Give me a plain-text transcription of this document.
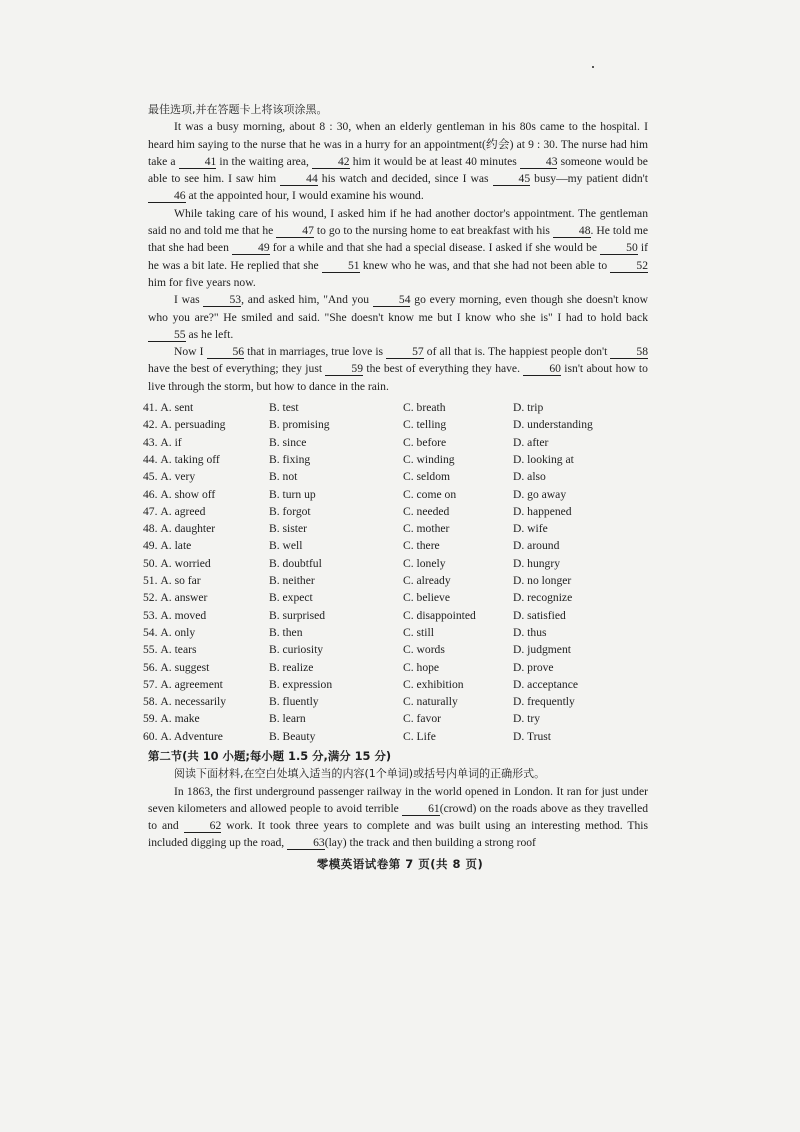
最佳选项,并在答题卡上将该项涂黑。

It was a busy morning, about 8 : 30, when an elderly gentleman in his 80s came to the hospital. I heard him saying to the nurse that he was in a hurry for an appointment(约会) at 9 : 30. The nurse had him take a	41 in the waiting area,	42 him it would be at least 40 minutes	43 someone would be able to see him. I saw him	44 his watch and decided, since I was	45 busy—my patient didn't 46 at the appointed hour, I would examine his wound.

While taking care of his wound, I asked him if he had another doctor's appointment. The gentleman said no and told me that he 47 to go to the nursing home to eat breakfast with his 48. He told me that she had been	49 for a while and that she had a special disease. I asked if she would be	50 if he was a bit late. He replied that she	51 knew who he was, and that she had not been able to	52 him for five years now.

I was	53, and asked him, "And you	54 go every morning, even though she doesn't know who you are?" He smiled and said. "She doesn't know me but I know who she is" I had to hold back 55 as he left.

Now I	56 that in marriages, true love is	57 of all that is. The happiest people don't	58 have the best of everything; they just	59 the best of everything they have.	60 isn't about how to live through the storm, but how to dance in the rain.

41. A. sent	B. test	C. breath	D. trip
42. A. persuading	B. promising	C. telling	D. understanding
43. A. if	B. since	C. before	D. after
44. A. taking off	B. fixing	C. winding	D. looking at
45. A. very	B. not	C. seldom	D. also
46. A. show off	B. turn up	C. come on	D. go away
47. A. agreed	B. forgot	C. needed	D. happened
48. A. daughter	B. sister	C. mother	D. wife
49. A. late	B. well	C. there	D. around
50. A. worried	B. doubtful	C. lonely	D. hungry
51. A. so far	B. neither	C. already	D. no longer
52. A. answer	B. expect	C. believe	D. recognize
53. A. moved	B. surprised	C. disappointed	D. satisfied
54. A. only	B. then	C. still	D. thus
55. A. tears	B. curiosity	C. words	D. judgment
56. A. suggest	B. realize	C. hope	D. prove
57. A. agreement	B. expression	C. exhibition	D. acceptance
58. A. necessarily	B. fluently	C. naturally	D. frequently
59. A. make	B. learn	C. favor	D. try
60. A. Adventure	B. Beauty	C. Life	D. Trust
第二节(共 10 小题;每小题 1.5 分,满分 15 分)

阅读下面材料,在空白处填入适当的内容(1个单词)或括号内单词的正确形式。

In 1863, the first underground passenger railway in the world opened in London. It ran for just under seven kilometers and allowed people to avoid terrible	61(crowd) on the roads above as they travelled to and	62 work. It took three years to complete and was built using an interesting method. This included digging up the road, 63(lay) the track and then building a strong roof

零模英语试卷第 7 页(共 8 页)
